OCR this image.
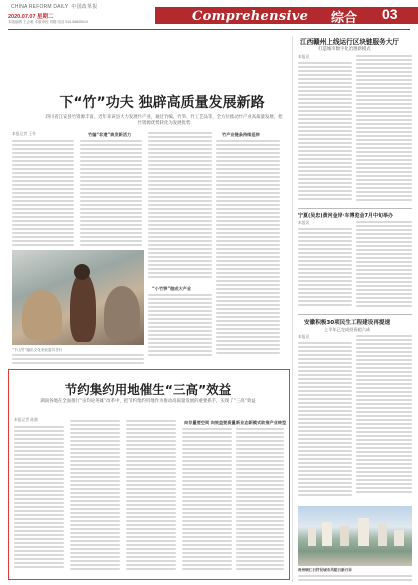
CHINA REFORM DAILY 中国改革报
2020.07.07 星期二
本版编辑 王会聪 本版审校 刘晓 电话 010-56805010	Comprehensive 综合 03
下“竹”功夫 独辟高质量发展新路
四川省江安县竹资源丰富，近年来该县大力发展竹产业，通过竹编、竹笋、竹工艺品等，全方位推动竹产业高质量发展，把竹资源优势转化为发展优势
本报记者 王冬	竹编“非遗”焕发新活力	竹产业链条持续延伸
“小竹笋”做成大产业
“千山竹”编出文化来致富共享行
节约集约用地催生“三高”效益
湖南各地在全面推行“亩均论英雄”改革中，把节约集约用地作为推动高质量发展的重要抓手，实现了“三高”效益
本报记者 陈湘	向存量要空间 向效益要质量 新业态新模式助推产业转型
江西赣州上线运行区块链服务大厅
打造城市数字化治理新模式
本报讯
宁夏(吴忠)黄河金岸·车博览会7月中旬举办
本报讯
安徽积极30项民生工程建设再提速
上半年已完成投资超六成
本报讯
贵州铜仁石阡县城市风貌日新月异
